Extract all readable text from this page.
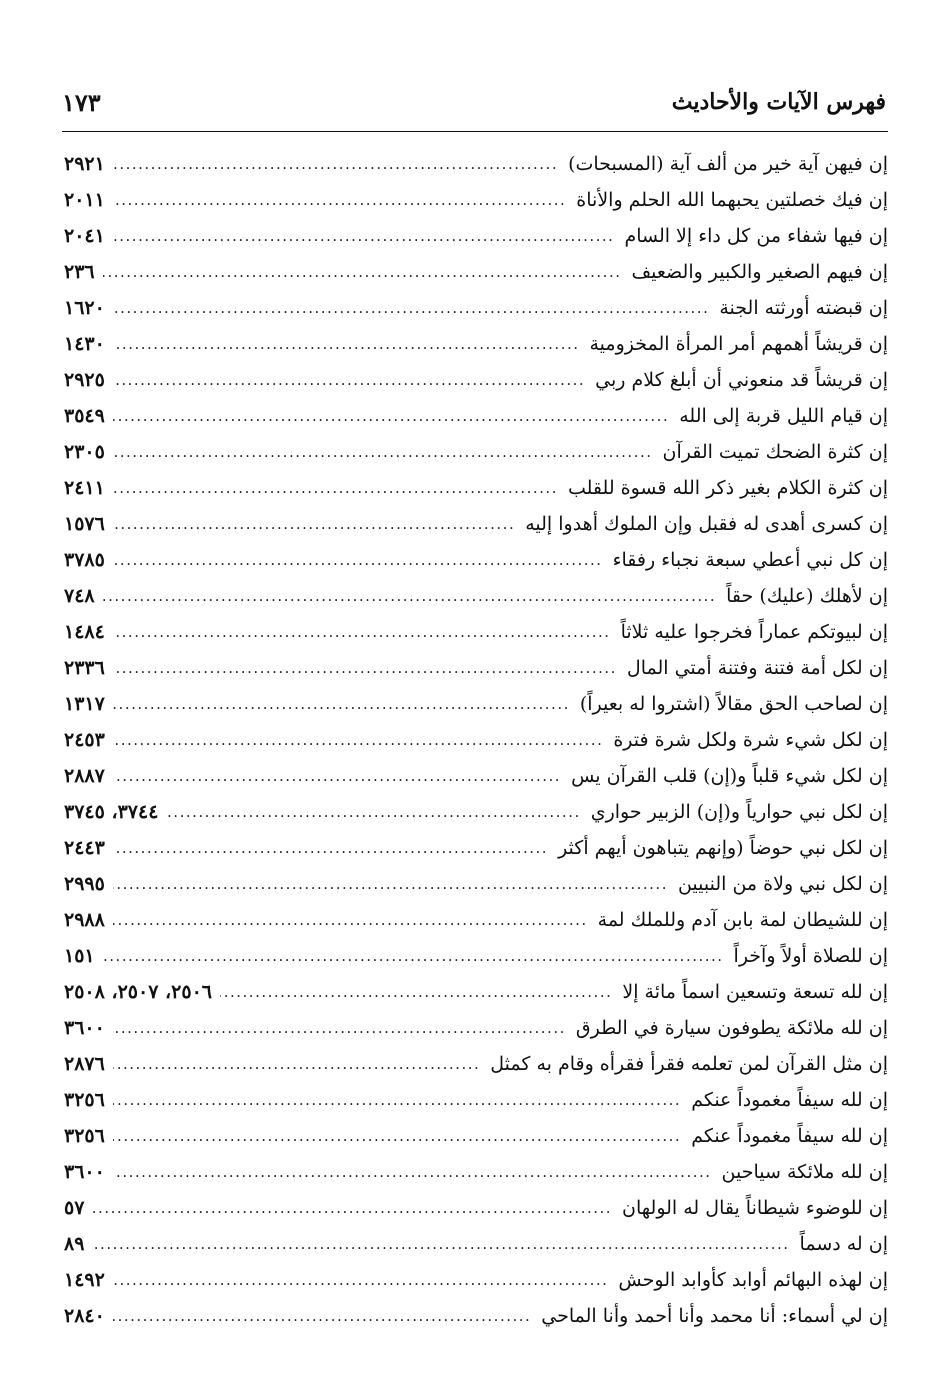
فهرس الآيات والأحاديث
١٧٣
إن فيهن آية خير من ألف آية (المسبحات)
.....
٢٩٢١
إن فيك خصلتين يحبهما الله الحلم والأناة
.....
٢٠١١
إن فيها شفاء من كل داء إلا السام
.....
٢٠٤١
إن فيهم الصغير والكبير والضعيف
.....
٢٣٦
إن قبضته أورثته الجنة
.....
١٦٢٠
إن قريشاً أهمهم أمر المرأة المخزومية
.....
١٤٣٠
إن قريشاً قد منعوني أن أبلغ كلام ربي
.....
٢٩٢٥
إن قيام الليل قربة إلى الله
.....
٣٥٤٩
إن كثرة الضحك تميت القرآن
.....
٢٣٠٥
إن كثرة الكلام بغير ذكر الله قسوة للقلب
.....
٢٤١١
إن كسرى أهدى له فقبل وإن الملوك أهدوا إليه
.....
١٥٧٦
إن كل نبي أعطي سبعة نجباء رفقاء
.....
٣٧٨٥
إن لأهلك (عليك) حقاً
.....
٧٤٨
إن لبيوتكم عماراً فخرجوا عليه ثلاثاً
.....
١٤٨٤
إن لكل أمة فتنة وفتنة أمتي المال
.....
٢٣٣٦
إن لصاحب الحق مقالاً (اشتروا له بعيراً)
.....
١٣١٧
إن لكل شيء شرة ولكل شرة فترة
.....
٢٤٥٣
إن لكل شيء قلباً و(إن) قلب القرآن يس
.....
٢٨٨٧
إن لكل نبي حوارياً و(إن) الزبير حواري
.....
٣٧٤٤، ٣٧٤٥
إن لكل نبي حوضاً (وإنهم يتباهون أيهم أكثر
.....
٢٤٤٣
إن لكل نبي ولاة من النبيين
.....
٢٩٩٥
إن للشيطان لمة بابن آدم وللملك لمة
.....
٢٩٨٨
إن للصلاة أولاً وآخراً
.....
١٥١
إن لله تسعة وتسعين اسماً مائة إلا
.....
٢٥٠٦، ٢٥٠٧، ٢٥٠٨
إن لله ملائكة يطوفون سيارة في الطرق
.....
٣٦٠٠
إن مثل القرآن لمن تعلمه فقرأ فقرأه وقام به كمثل
.....
٢٨٧٦
إن لله سيفاً مغموداً عنكم
.....
٣٢٥٦
إن لله سيفاً مغموداً عنكم
.....
٣٢٥٦
إن لله ملائكة سياحين
.....
٣٦٠٠
إن للوضوء شيطاناً يقال له الولهان
.....
٥٧
إن له دسماً
.....
٨٩
إن لهذه البهائم أوابد كأوابد الوحش
.....
١٤٩٢
إن لي أسماء: أنا محمد وأنا أحمد وأنا الماحي
.....
٢٨٤٠
